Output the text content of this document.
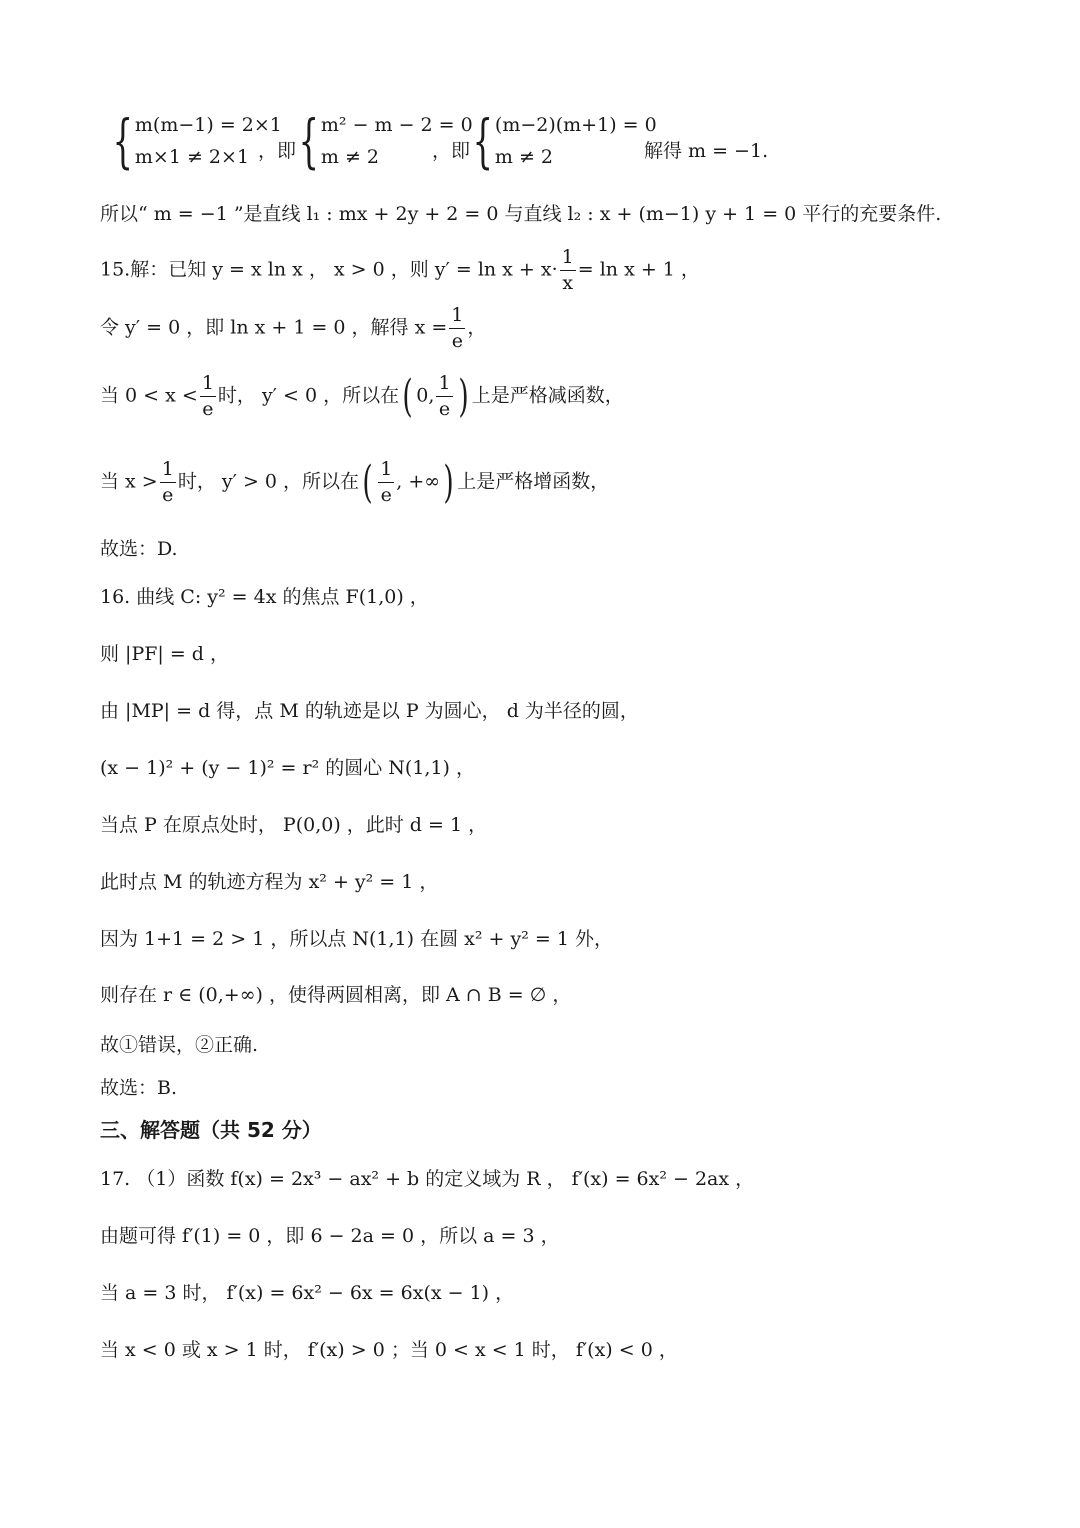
{ m(m−1) = 2×1
m×1 ≠ 2×1 ，即 { m² − m − 2 = 0
m ≠ 2	，即 { (m−2)(m+1) = 0
m ≠ 2	解得 m = −1.
所以“ m = −1 ”是直线 l₁ : mx + 2y + 2 = 0 与直线 l₂ : x + (m−1) y + 1 = 0 平行的充要条件.
15.解：已知 y = x ln x ， x > 0 ，则 $y' = \ln x + x\cdot \frac{1}{x} = \ln x + 1$ ，
令 y′ = 0 ，即 ln x + 1 = 0 ，解得 $x = \frac{1}{e}$ ，
当 $0 < x < \frac{1}{e}$ 时， y′ < 0 ，所以在( 0, $\frac{1}{e}$ ) 上是严格减函数，
当 $x > \frac{1}{e}$ 时， y′ > 0 ，所以在( $\frac{1}{e}$ , +∞) 上是严格增函数，
故选：D.
16. 曲线 C: y² = 4x 的焦点 F(1,0) ，
则 |PF| = d ，
由 |MP| = d 得，点 M 的轨迹是以 P 为圆心， d 为半径的圆，
(x − 1)² + (y − 1)² = r² 的圆心 N(1,1) ，
当点 P 在原点处时， P(0,0) ，此时 d = 1 ，
此时点 M 的轨迹方程为 x² + y² = 1 ，
因为 1+1 = 2 > 1 ，所以点 N(1,1) 在圆 x² + y² = 1 外，
则存在 r ∈ (0,+∞) ，使得两圆相离，即 A ∩ B = ∅ ，
故①错误，②正确.
故选：B.
三、解答题（共 52 分）
17. （1）函数 f(x) = 2x³ − ax² + b 的定义域为 R ， f′(x) = 6x² − 2ax ，
由题可得 f′(1) = 0 ，即 6 − 2a = 0 ，所以 a = 3 ，
当 a = 3 时， f′(x) = 6x² − 6x = 6x(x − 1) ，
当 x < 0 或 x > 1 时， f′(x) > 0 ；当 0 < x < 1 时， f′(x) < 0 ，
